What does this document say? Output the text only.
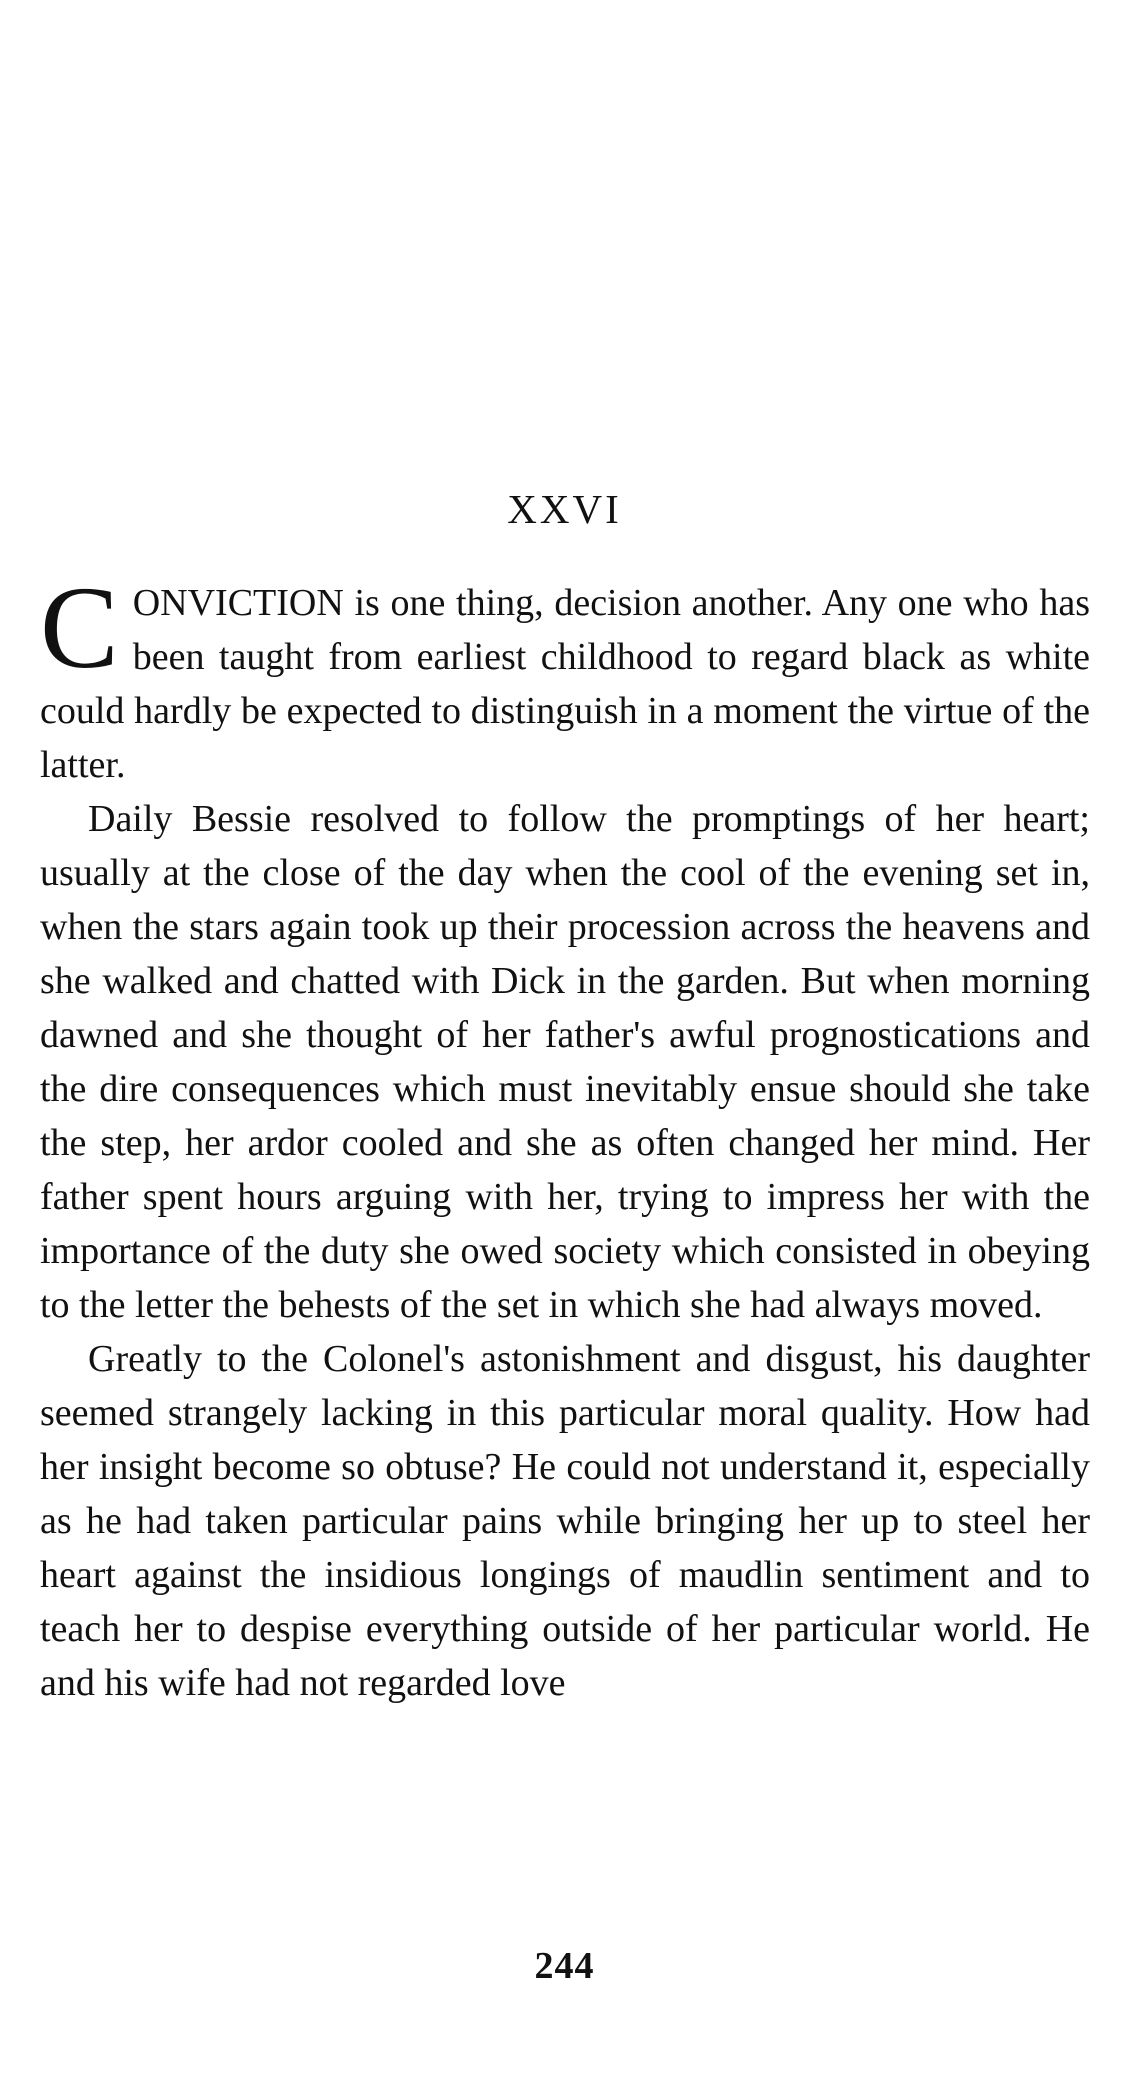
XXVI

CONVICTION is one thing, decision another. Any one who has been taught from earliest childhood to regard black as white could hardly be expected to distinguish in a moment the virtue of the latter.

Daily Bessie resolved to follow the promptings of her heart; usually at the close of the day when the cool of the evening set in, when the stars again took up their procession across the heavens and she walked and chatted with Dick in the garden. But when morning dawned and she thought of her father's awful prognostications and the dire consequences which must inevitably ensue should she take the step, her ardor cooled and she as often changed her mind. Her father spent hours arguing with her, trying to impress her with the importance of the duty she owed society which consisted in obeying to the letter the behests of the set in which she had always moved.

Greatly to the Colonel's astonishment and disgust, his daughter seemed strangely lacking in this particular moral quality. How had her insight become so obtuse? He could not understand it, especially as he had taken particular pains while bringing her up to steel her heart against the insidious longings of maudlin sentiment and to teach her to despise everything outside of her particular world. He and his wife had not regarded love

244
